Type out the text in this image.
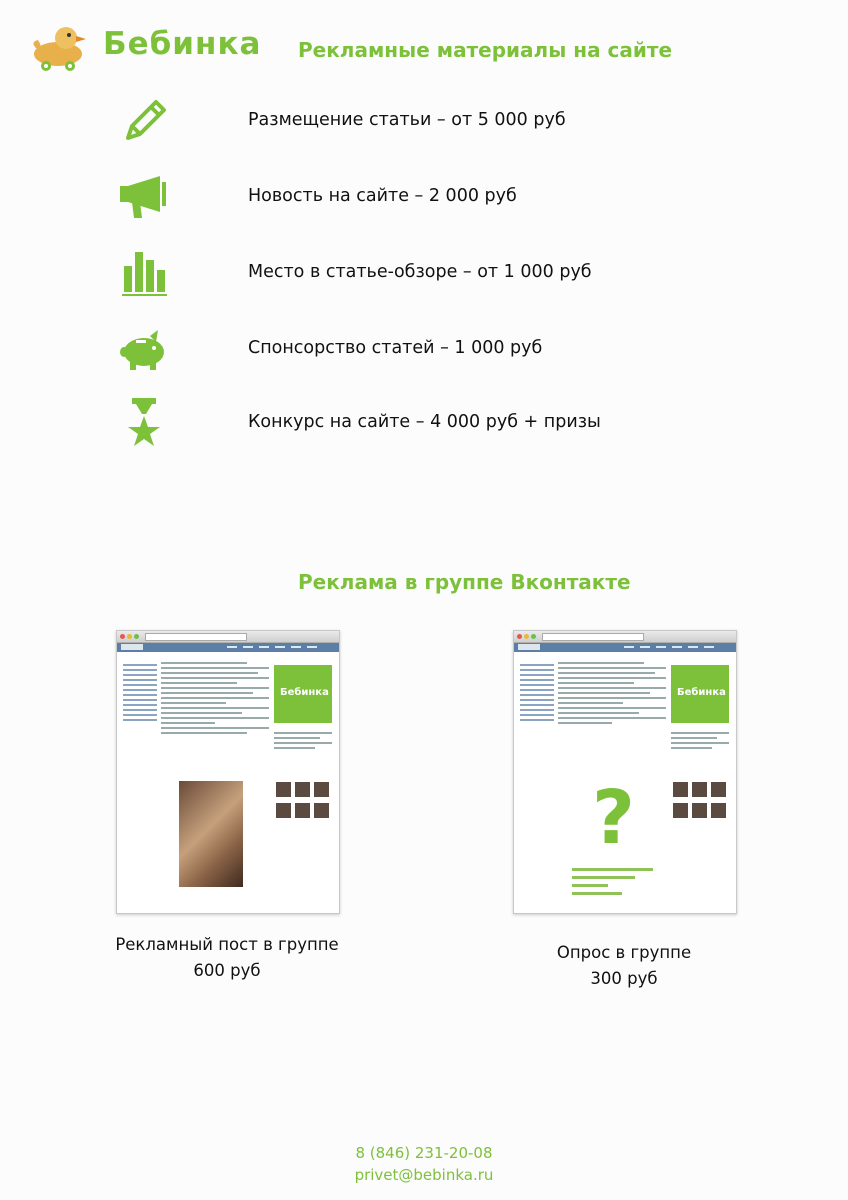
Бебинка Рекламные материалы на сайте
Размещение статьи – от 5 000 руб
Новость на сайте – 2 000 руб
Место в статье-обзоре – от 1 000 руб
Спонсорство статей – 1 000 руб
Конкурс на сайте – 4 000 руб + призы
Реклама в группе Вконтакте
Бебинка	Бебинка
?
Рекламный пост в группе
600 руб
Опрос в группе
300 руб
8 (846) 231-20-08
privet@bebinka.ru
